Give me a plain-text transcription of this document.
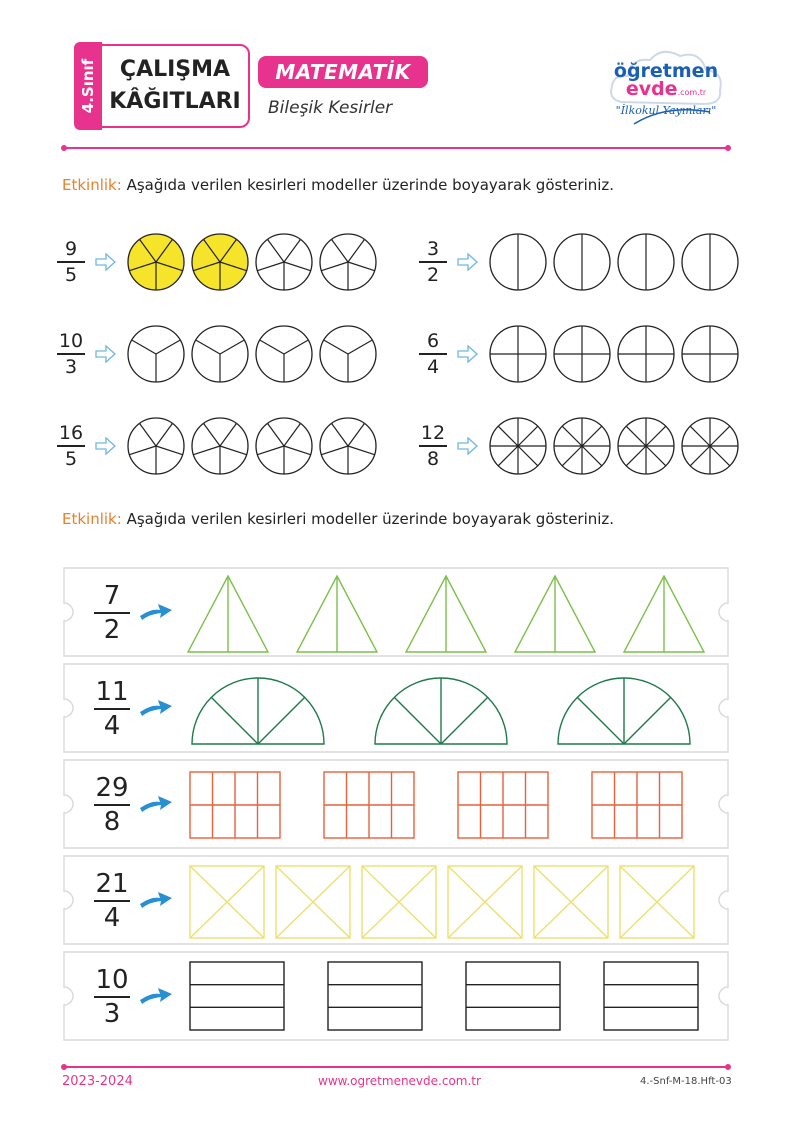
4.Sınıf ÇALIŞMA
KÂĞITLARI
MATEMATİK
Bileşik Kesirler
öğretmen
evde.com.tr
"İlkokul Yayınları"
Etkinlik: Aşağıda verilen kesirleri modeller üzerinde boyayarak gösteriniz.
9
5
3
2
10
3
6
4
16
5
12
8
Etkinlik: Aşağıda verilen kesirleri modeller üzerinde boyayarak gösteriniz.
7
2
11
4
29
8
21
4
10
3
2023-2024	www.ogretmenevde.com.tr	4.-Snf-M-18.Hft-03
